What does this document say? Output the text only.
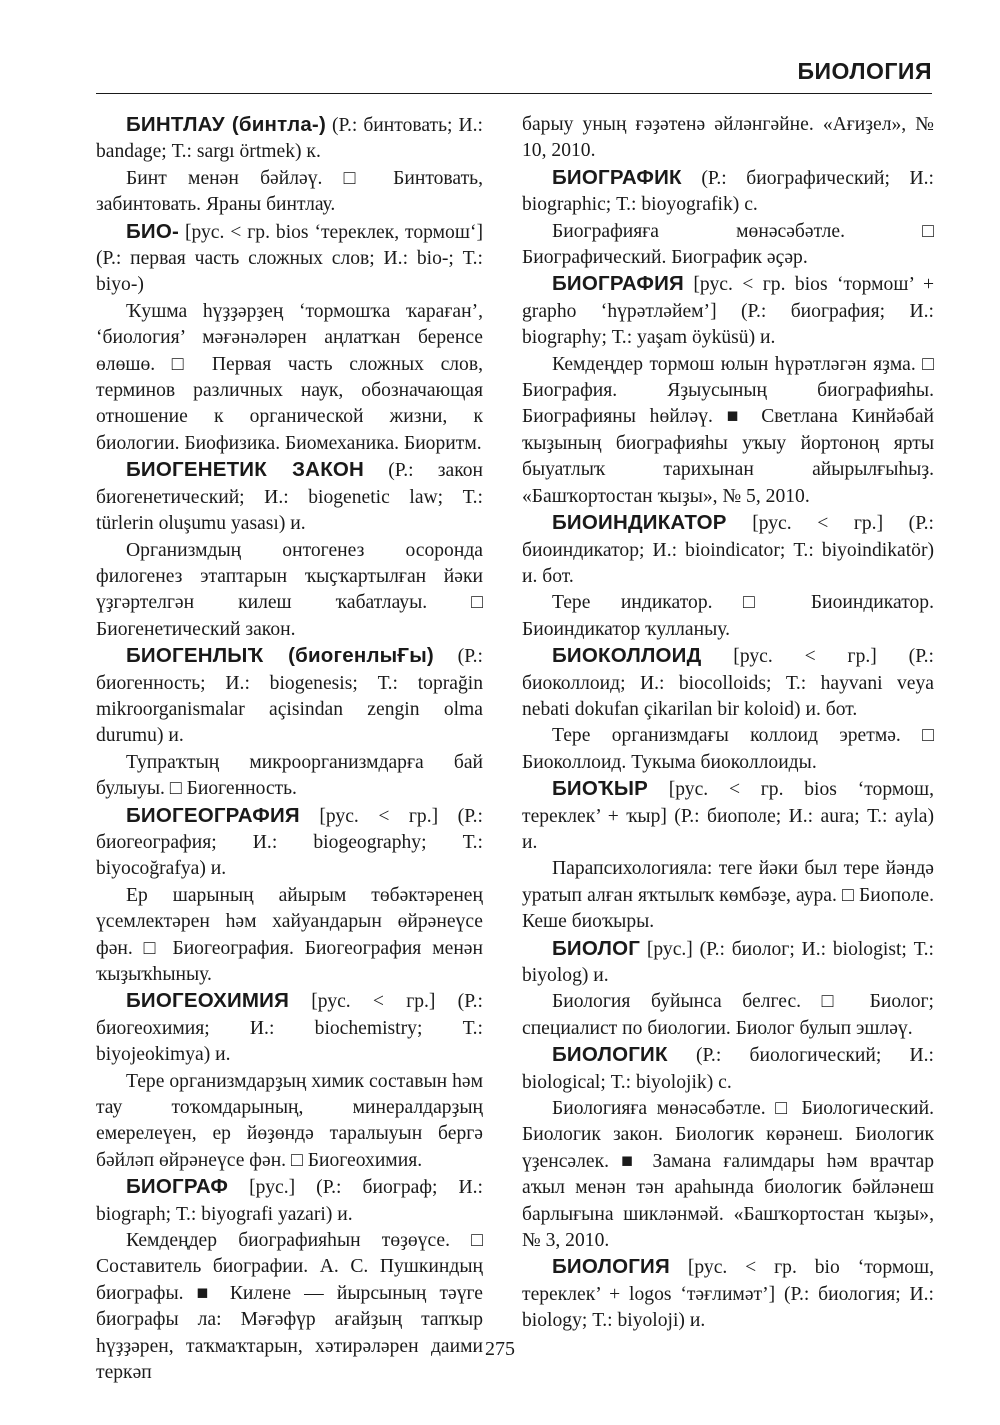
БИОЛОГИЯ

БИНТЛАУ (бинтла-) (Р.: бинтовать; И.: bandage; Т.: sargı örtmek) к.

Бинт менән бәйләү. □ Бинтовать, забинтовать. Яраны бинтлау.

БИО- [рус. < гр. bios ‘тереклек, тормош‘] (Р.: первая часть сложных слов; И.: bio-; Т.: biyo-)

Ҡушма һүҙҙәрҙең ‘тормошҡа ҡараған’, ‘биология’ мәғәнәләрен аңлатҡан беренсе өлөшө. □ Первая часть сложных слов, терминов различных наук, обозначающая отношение к органической жизни, к биологии. Биофизика. Биомеханика. Биоритм.

БИОГЕНЕТИК ЗАКОН (Р.: закон биогенетический; И.: biogenetic law; Т.: türlerin oluşumu yasası) и.

Организмдың онтогенез осоронда филогенез этаптарын ҡыҫҡартылған йәки үҙгәртелгән килеш ҡабатлауы. □ Биогенетический закон.

БИОГЕНЛЫҠ (биогенлыҒы) (Р.: биогенность; И.: biogenesis; Т.: toprağin mikroorganismalar açisindan zengin olma durumu) и.

Тупраҡтың микроорганизмдарға бай булыуы. □ Биогенность.

БИОГЕОГРАФИЯ [рус. < гр.] (Р.: биогеография; И.: biogeography; Т.: biyocoğrafya) и.

Ер шарының айырым төбәктәренең үсемлектәрен һәм хайуандарын өйрәнеүсе фән. □ Биогеография. Биогеография менән ҡыҙыҡһыныу.

БИОГЕОХИМИЯ [рус. < гр.] (Р.: биогеохимия; И.: biochemistry; Т.: biyojeokimya) и.

Тере организмдарҙың химик составын һәм тау тоҡомдарының, минералдарҙың емерелеүен, ер йөҙөндә таралыуын бергә бәйләп өйрәнеүсе фән. □ Биогеохимия.

БИОГРАФ [рус.] (Р.: биограф; И.: biograph; Т.: biyografi yazari) и.

Кемдеңдер биографияһын төҙөүсе. □ Составитель биографии. А. С. Пушкиндың биографы. ■ Килене — йырсының тәүге биографы ла: Мәғәфүр ағайҙың тапҡыр һүҙҙәрен, таҡмаҡтарын, хәтирәләрен даими теркәп

барыу уның ғәҙәтенә әйләнгәйне. «Ағиҙел», № 10, 2010.

БИОГРАФИК (Р.: биографический; И.: biographic; Т.: bioyografik) с.

Биографияға мөнәсәбәтле. □ Биографический. Биографик әҫәр.

БИОГРАФИЯ [рус. < гр. bios ‘тормош’ + grapho ‘һүрәтләйем’] (Р.: биография; И.: biography; Т.: yaşam öyküsü) и.

Кемдеңдер тормош юлын һүрәтләгән яҙма. □ Биография. Яҙыусының биографияһы. Биографияны һөйләү. ■ Светлана Кинйәбай ҡыҙының биографияһы уҡыу йортоноң ярты быуатлыҡ тарихынан айырылғыһыҙ. «Башҡортостан ҡыҙы», № 5, 2010.

БИОИНДИКАТОР [рус. < гр.] (Р.: биоиндикатор; И.: bioindicator; Т.: biyoindikatör) и. бот.

Тере индикатор. □ Биоиндикатор. Биоиндикатор ҡулланыу.

БИОКОЛЛОИД [рус. < гр.] (Р.: биоколлоид; И.: biocolloids; Т.: hayvani veya nebati dokufan çikarilan bir koloid) и. бот.

Тере организмдағы коллоид эретмә. □ Биоколлоид. Тукыма биоколлоиды.

БИОҠЫР [рус. < гр. bios ‘тормош, тереклек’ + ҡыр] (Р.: биополе; И.: aura; Т.: ayla) и.

Парапсихологияла: теге йәки был тере йәндә уратып алған яҡтылыҡ көмбәҙе, аура. □ Биополе. Кеше биоҡыры.

БИОЛОГ [рус.] (Р.: биолог; И.: biologist; Т.: biyolog) и.

Биология буйынса белгес. □ Биолог; специалист по биологии. Биолог булып эшләү.

БИОЛОГИК (Р.: биологический; И.: biological; Т.: biyolojik) с.

Биологияға мөнәсәбәтле. □ Биологический. Биологик закон. Биологик көрәнеш. Биологик үҙенсәлек. ■ Замана ғалимдары һәм врачтар аҡыл менән тән араһында биологик бәйләнеш барлығына шикләнмәй. «Башҡортостан ҡыҙы», № 3, 2010.

БИОЛОГИЯ [рус. < гр. bio ‘тормош, тереклек’ + logos ‘тәғлимәт’] (Р.: биология; И.: biology; Т.: biyoloji) и.

275
